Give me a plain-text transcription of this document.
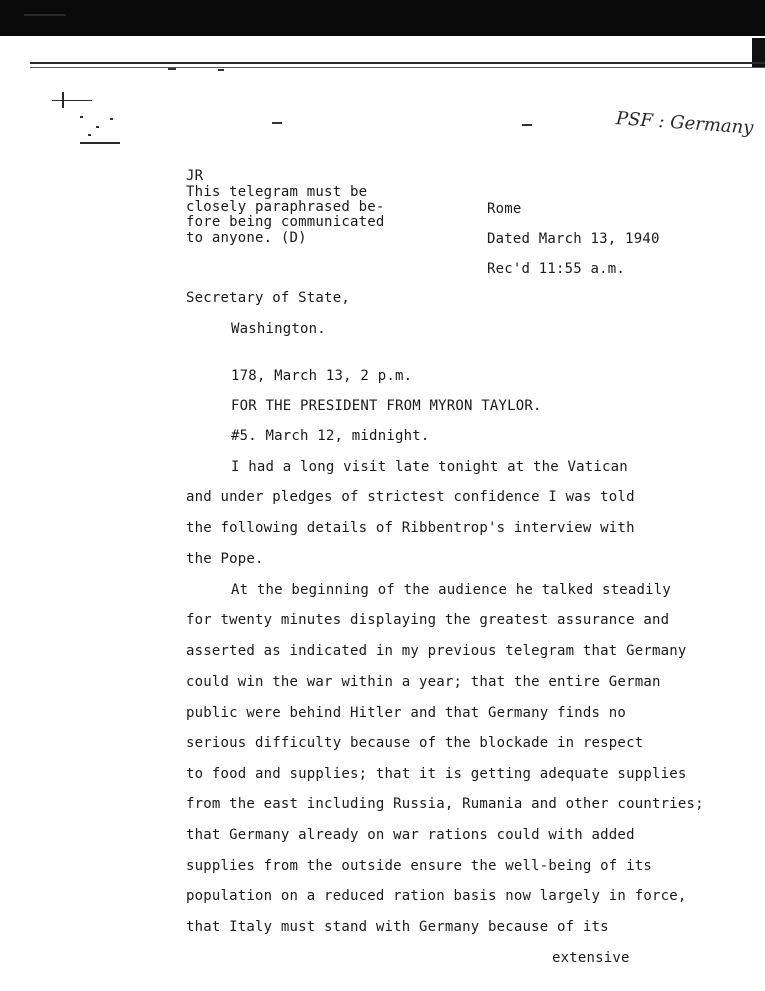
PSF : Germany
JR
This telegram must be
closely paraphrased be-
fore being communicated
to anyone. (D)
Rome
Dated March 13, 1940
Rec'd 11:55 a.m.
Secretary of State,
Washington.
178, March 13, 2 p.m.
FOR THE PRESIDENT FROM MYRON TAYLOR.
#5. March 12, midnight.
I had a long visit late tonight at the Vatican
and under pledges of strictest confidence I was told
the following details of Ribbentrop's interview with
the Pope.
At the beginning of the audience he talked steadily
for twenty minutes displaying the greatest assurance and
asserted as indicated in my previous telegram that Germany
could win the war within a year; that the entire German
public were behind Hitler and that Germany finds no
serious difficulty because of the blockade in respect
to food and supplies; that it is getting adequate supplies
from the east including Russia, Rumania and other countries;
that Germany already on war rations could with added
supplies from the outside ensure the well-being of its
population on a reduced ration basis now largely in force,
that Italy must stand with Germany because of its
extensive
